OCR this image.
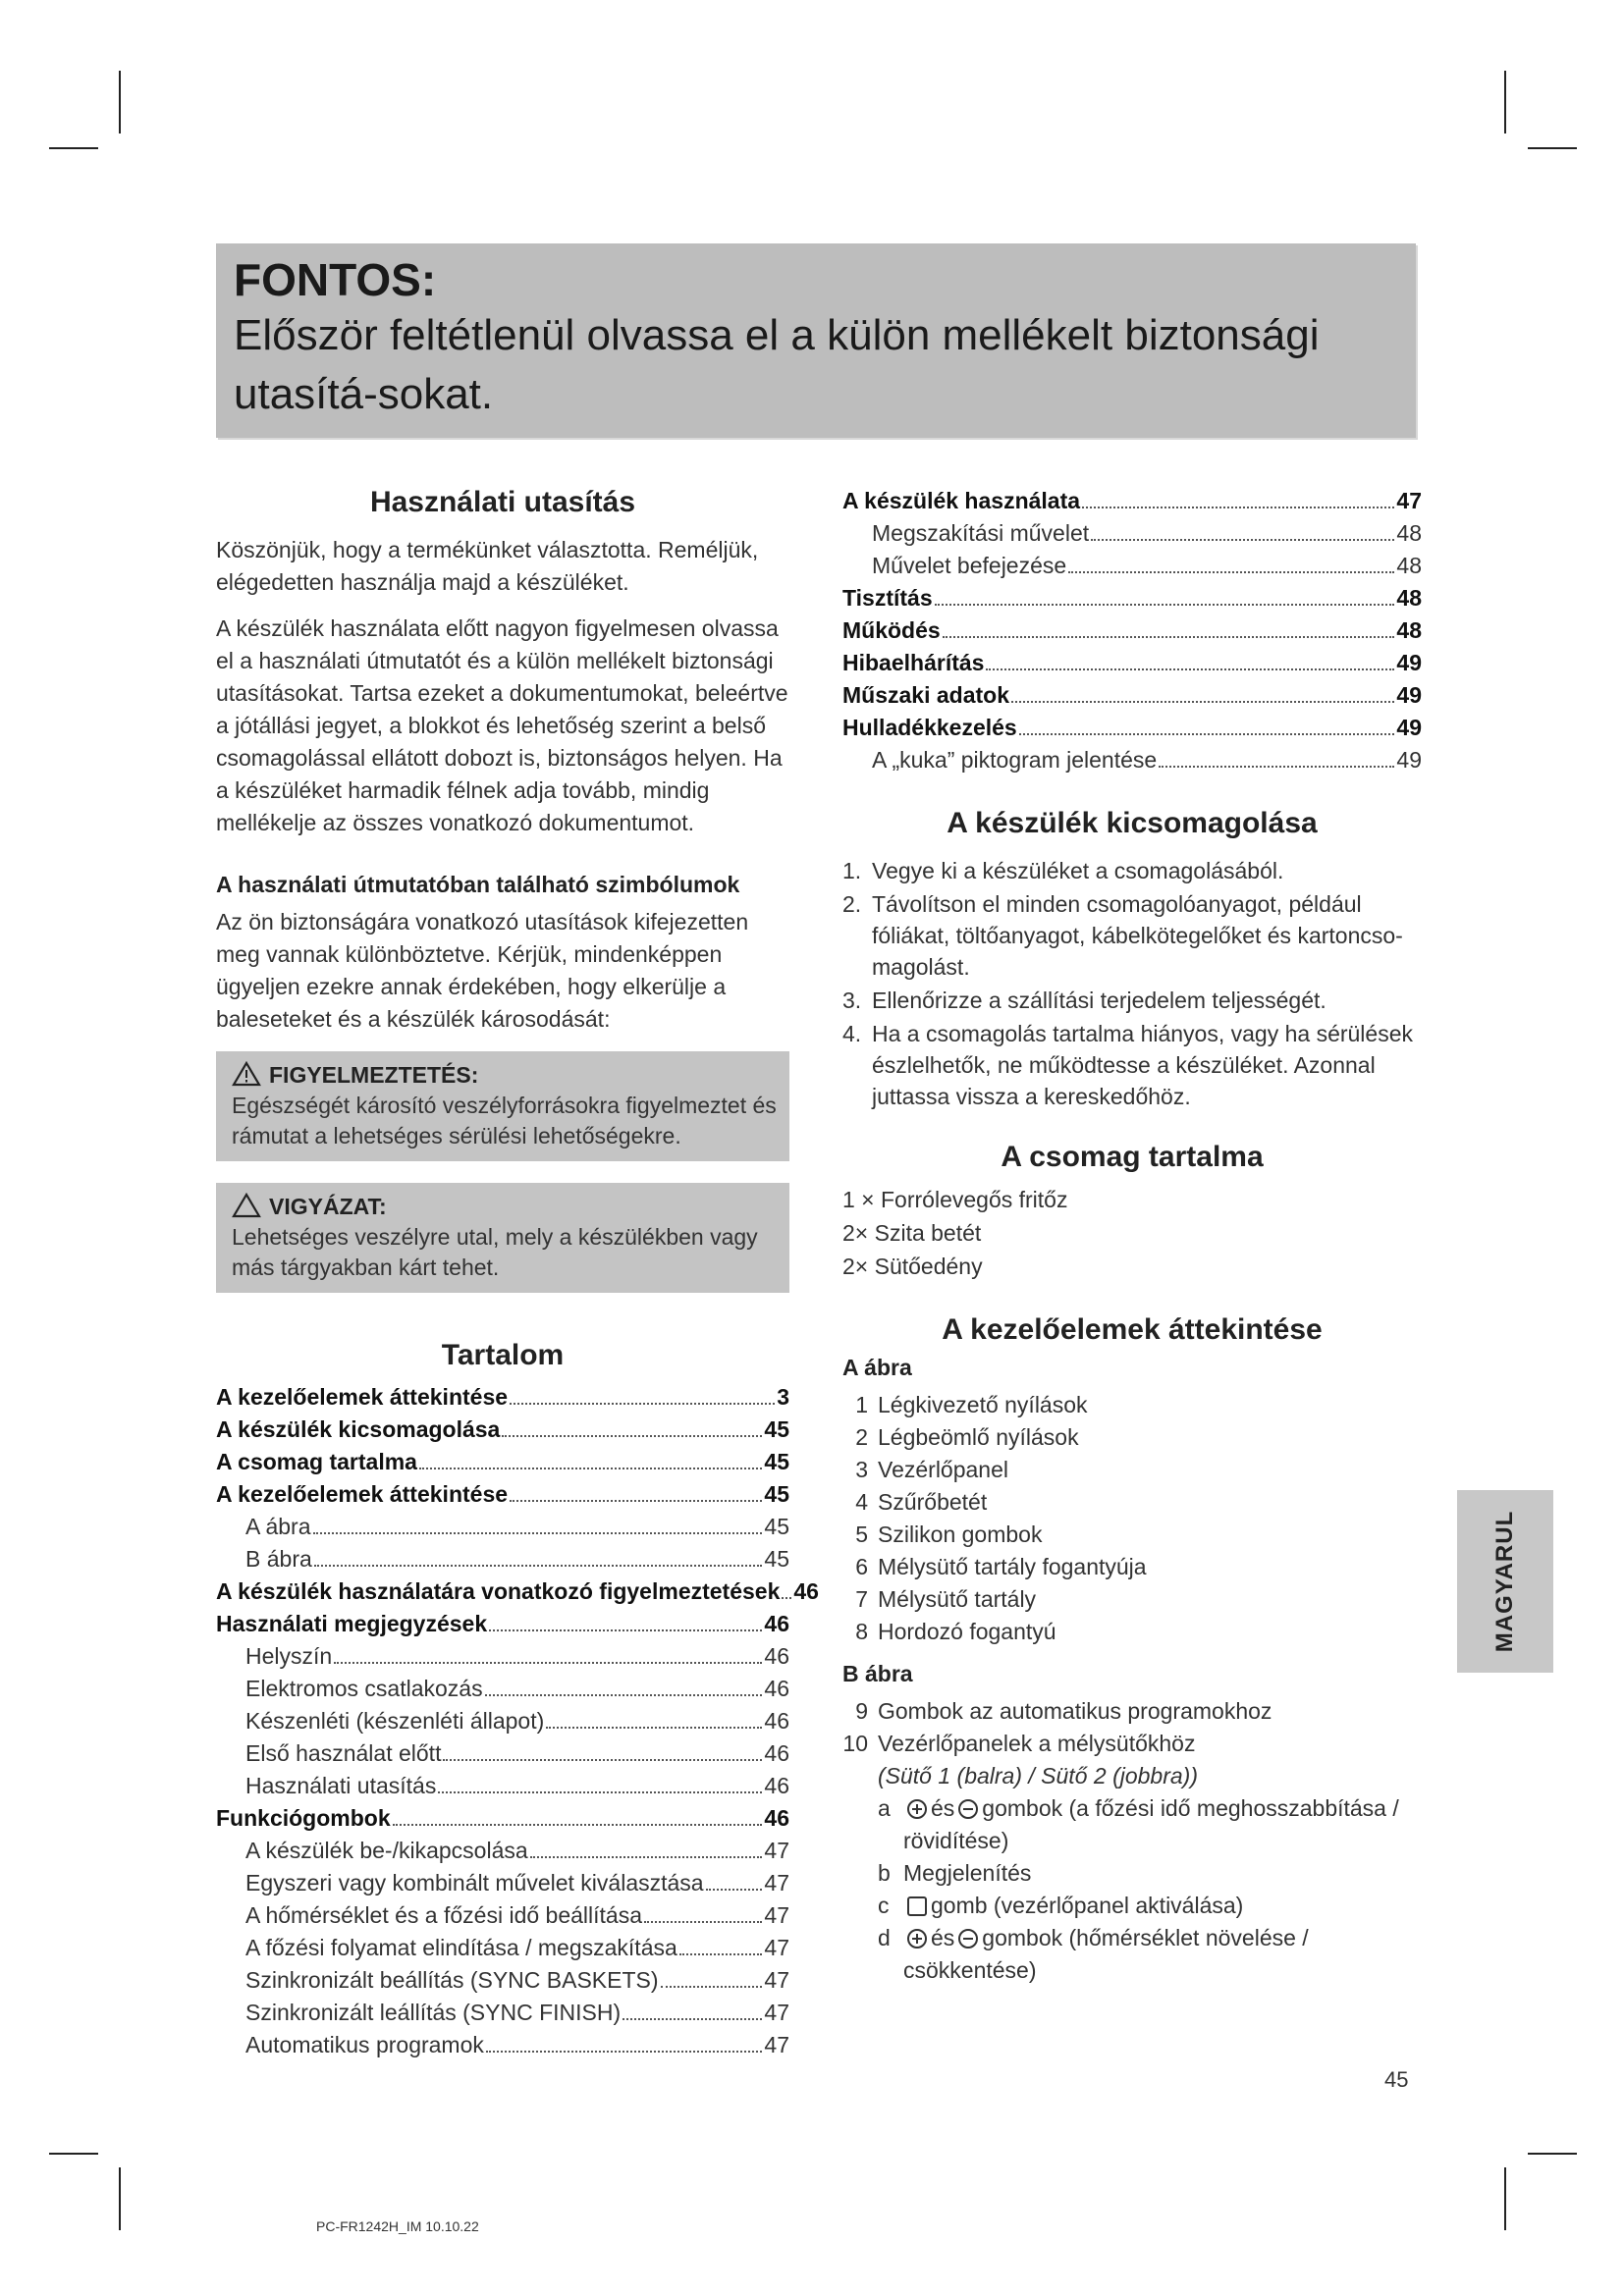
FONTOS:
Először feltétlenül olvassa el a külön mellékelt biztonsági utasítá-sokat.
Használati utasítás

Köszönjük, hogy a termékünket választotta. Reméljük, elégedetten használja majd a készüléket.

A készülék használata előtt nagyon figyelmesen olvassa el a használati útmutatót és a külön mellékelt biztonsági utasításokat. Tartsa ezeket a dokumentumokat, beleértve a jótállási jegyet, a blokkot és lehetőség szerint a belső csomagolással ellátott dobozt is, biztonságos helyen. Ha a készüléket harmadik félnek adja tovább, mindig mellékelje az összes vonatkozó dokumentumot.

A használati útmutatóban található szimbólumok

Az ön biztonságára vonatkozó utasítások kifejezetten meg vannak különböztetve. Kérjük, mindenképpen ügyeljen ezekre annak érdekében, hogy elkerülje a baleseteket és a készülék károsodását:

FIGYELMEZTETÉS:
Egészségét károsító veszélyforrásokra figyelmeztet és rámutat a lehetséges sérülési lehetőségekre.
VIGYÁZAT:
Lehetséges veszélyre utal, mely a készülékben vagy más tárgyakban kárt tehet.
Tartalom
A kezelőelemek áttekintése	3
A készülék kicsomagolása	45
A csomag tartalma	45
A kezelőelemek áttekintése	45
A ábra	45
B ábra	45
A készülék használatára vonatkozó figyelmeztetések 46
Használati megjegyzések	46
Helyszín	46
Elektromos csatlakozás	46
Készenléti (készenléti állapot)	46
Első használat előtt	46
Használati utasítás	46
Funkciógombok	46
A készülék be-/kikapcsolása	47
Egyszeri vagy kombinált művelet kiválasztása	47
A hőmérséklet és a főzési idő beállítása	47
A főzési folyamat elindítása / megszakítása	47
Szinkronizált beállítás (SYNC BASKETS)	47
Szinkronizált leállítás (SYNC FINISH)	47
Automatikus programok	47
A készülék használata	47
Megszakítási művelet	48
Művelet befejezése	48
Tisztítás	48
Működés	48
Hibaelhárítás	49
Műszaki adatok	49
Hulladékkezelés	49
A „kuka” piktogram jelentése	49
A készülék kicsomagolása
1. Vegye ki a készüléket a csomagolásából.
2. Távolítson el minden csomagolóanyagot, például fóliákat, töltőanyagot, kábelkötegelőket és kartoncso-magolást.
3. Ellenőrizze a szállítási terjedelem teljességét.
4. Ha a csomagolás tartalma hiányos, vagy ha sérülések észlelhetők, ne működtesse a készüléket. Azonnal juttassa vissza a kereskedőhöz.
A csomag tartalma
1 × Forrólevegős fritőz
2× Szita betét
2× Sütőedény
A kezelőelemek áttekintése
A ábra
1 Légkivezető nyílások
2 Légbeömlő nyílások
3 Vezérlőpanel
4 Szűrőbetét
5 Szilikon gombok
6 Mélysütő tartály fogantyúja
7 Mélysütő tartály
8 Hordozó fogantyú
B ábra
9 Gombok az automatikus programokhoz
10 Vezérlőpanelek a mélysütőkhöz
(Sütő 1 (balra) / Sütő 2 (jobbra))
a	és gombok (a főzési idő meghosszabbítása / rövidítése)
b Megjelenítés
c	gomb (vezérlőpanel aktiválása)
d	és gombok (hőmérséklet növelése / csökkentése)
MAGYARUL
45
PC-FR1242H_IM 10.10.22
